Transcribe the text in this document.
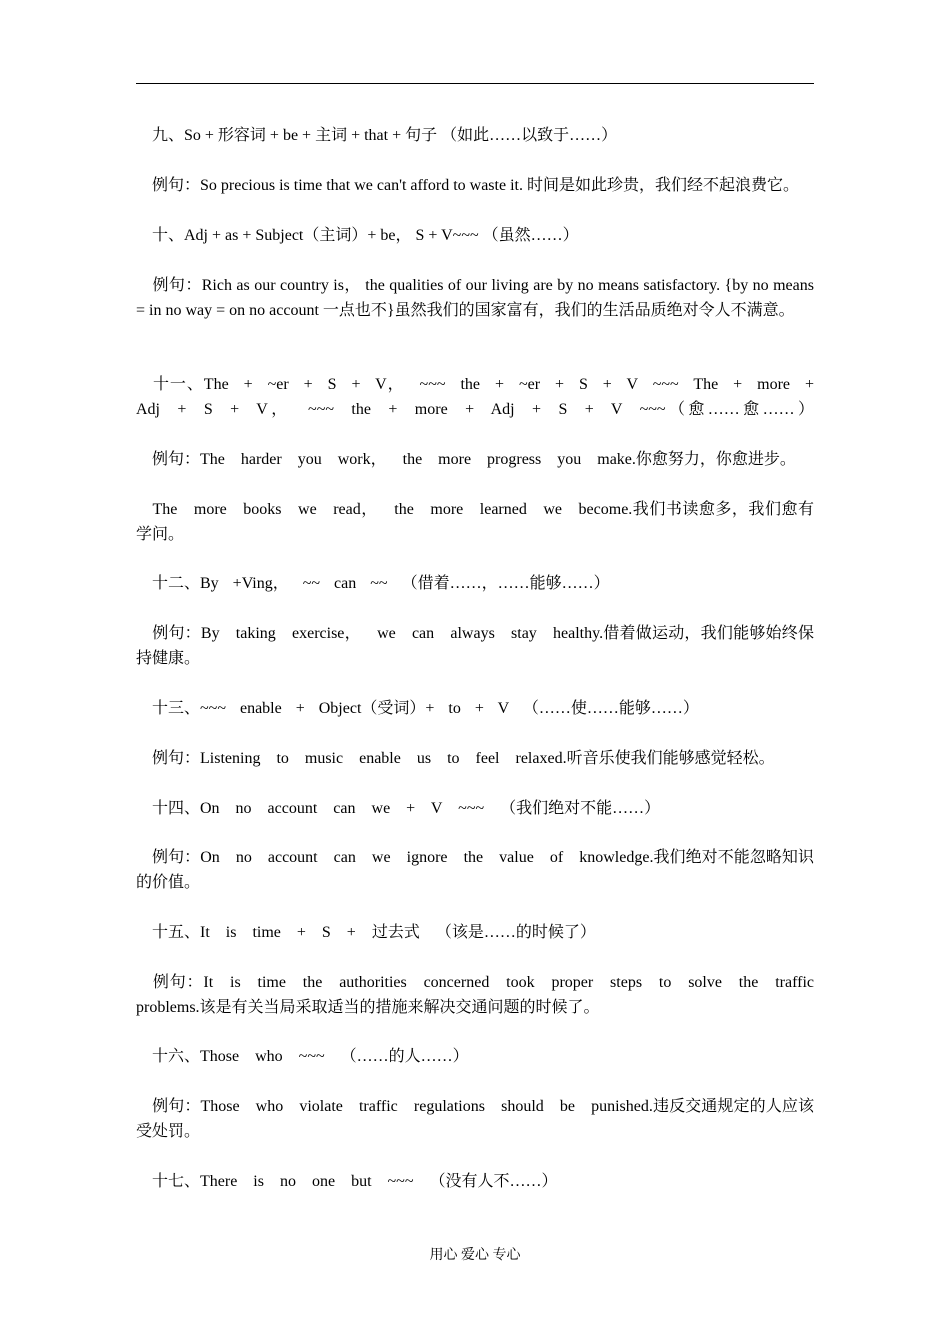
　九、So + 形容词 + be + 主词 + that + 句子 （如此……以致于……）
　例句：So precious is time that we can't afford to waste it. 时间是如此珍贵，我们经不起浪费它。
　十、Adj + as + Subject（主词）+ be， S + V~~~ （虽然……）
　例句：Rich as our country is， the qualities of our living are by no means satisfactory. {by no means = in no way = on no account 一点也不}虽然我们的国家富有，我们的生活品质绝对令人不满意。
　十一、The + ~er + S + V， ~~~ the + ~er + S + V ~~~ The + more + Adj + S + V， ~~~ the + more + Adj + S + V ~~~（愈……愈……）
　例句：The harder you work， the more progress you make.你愈努力，你愈进步。
　The more books we read， the more learned we become.我们书读愈多，我们愈有学问。
　十二、By +Ving， ~~ can ~~ （借着……，……能够……）
　例句：By taking exercise， we can always stay healthy.借着做运动，我们能够始终保持健康。
　十三、~~~ enable + Object（受词）+ to + V （……使……能够……）
　例句：Listening to music enable us to feel relaxed.听音乐使我们能够感觉轻松。
　十四、On no account can we + V ~~~ （我们绝对不能……）
　例句：On no account can we ignore the value of knowledge.我们绝对不能忽略知识的价值。
　十五、It is time + S + 过去式 （该是……的时候了）
　例句：It is time the authorities concerned took proper steps to solve the traffic problems.该是有关当局采取适当的措施来解决交通问题的时候了。
　十六、Those who ~~~ （……的人……）
　例句：Those who violate traffic regulations should be punished.违反交通规定的人应该受处罚。
　十七、There is no one but ~~~ （没有人不……）
用心 爱心 专心
